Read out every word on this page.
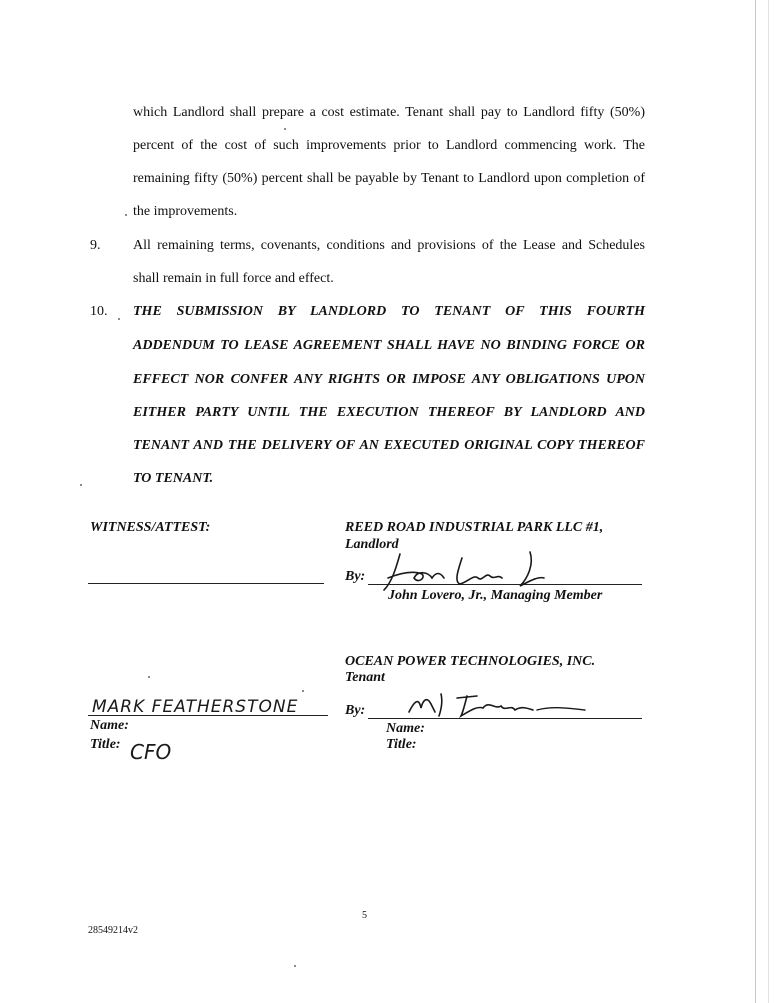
which Landlord shall prepare a cost estimate. Tenant shall pay to Landlord fifty (50%)
percent of the cost of such improvements prior to Landlord commencing work. The
remaining fifty (50%) percent shall be payable by Tenant to Landlord upon completion of
the improvements.
9. All remaining terms, covenants, conditions and provisions of the Lease and Schedules
shall remain in full force and effect.
10. THE SUBMISSION BY LANDLORD TO TENANT OF THIS FOURTH
ADDENDUM TO LEASE AGREEMENT SHALL HAVE NO BINDING FORCE OR
EFFECT NOR CONFER ANY RIGHTS OR IMPOSE ANY OBLIGATIONS UPON
EITHER PARTY UNTIL THE EXECUTION THEREOF BY LANDLORD AND
TENANT AND THE DELIVERY OF AN EXECUTED ORIGINAL COPY THEREOF
TO TENANT.
WITNESS/ATTEST:	REED ROAD INDUSTRIAL PARK LLC #1,
Landlord
By:
John Lovero, Jr., Managing Member
OCEAN POWER TECHNOLOGIES, INC.
Tenant
MARK FEATHERSTONE
Name:
Title: CFO
By:
Name:
Title:
5
28549214v2
